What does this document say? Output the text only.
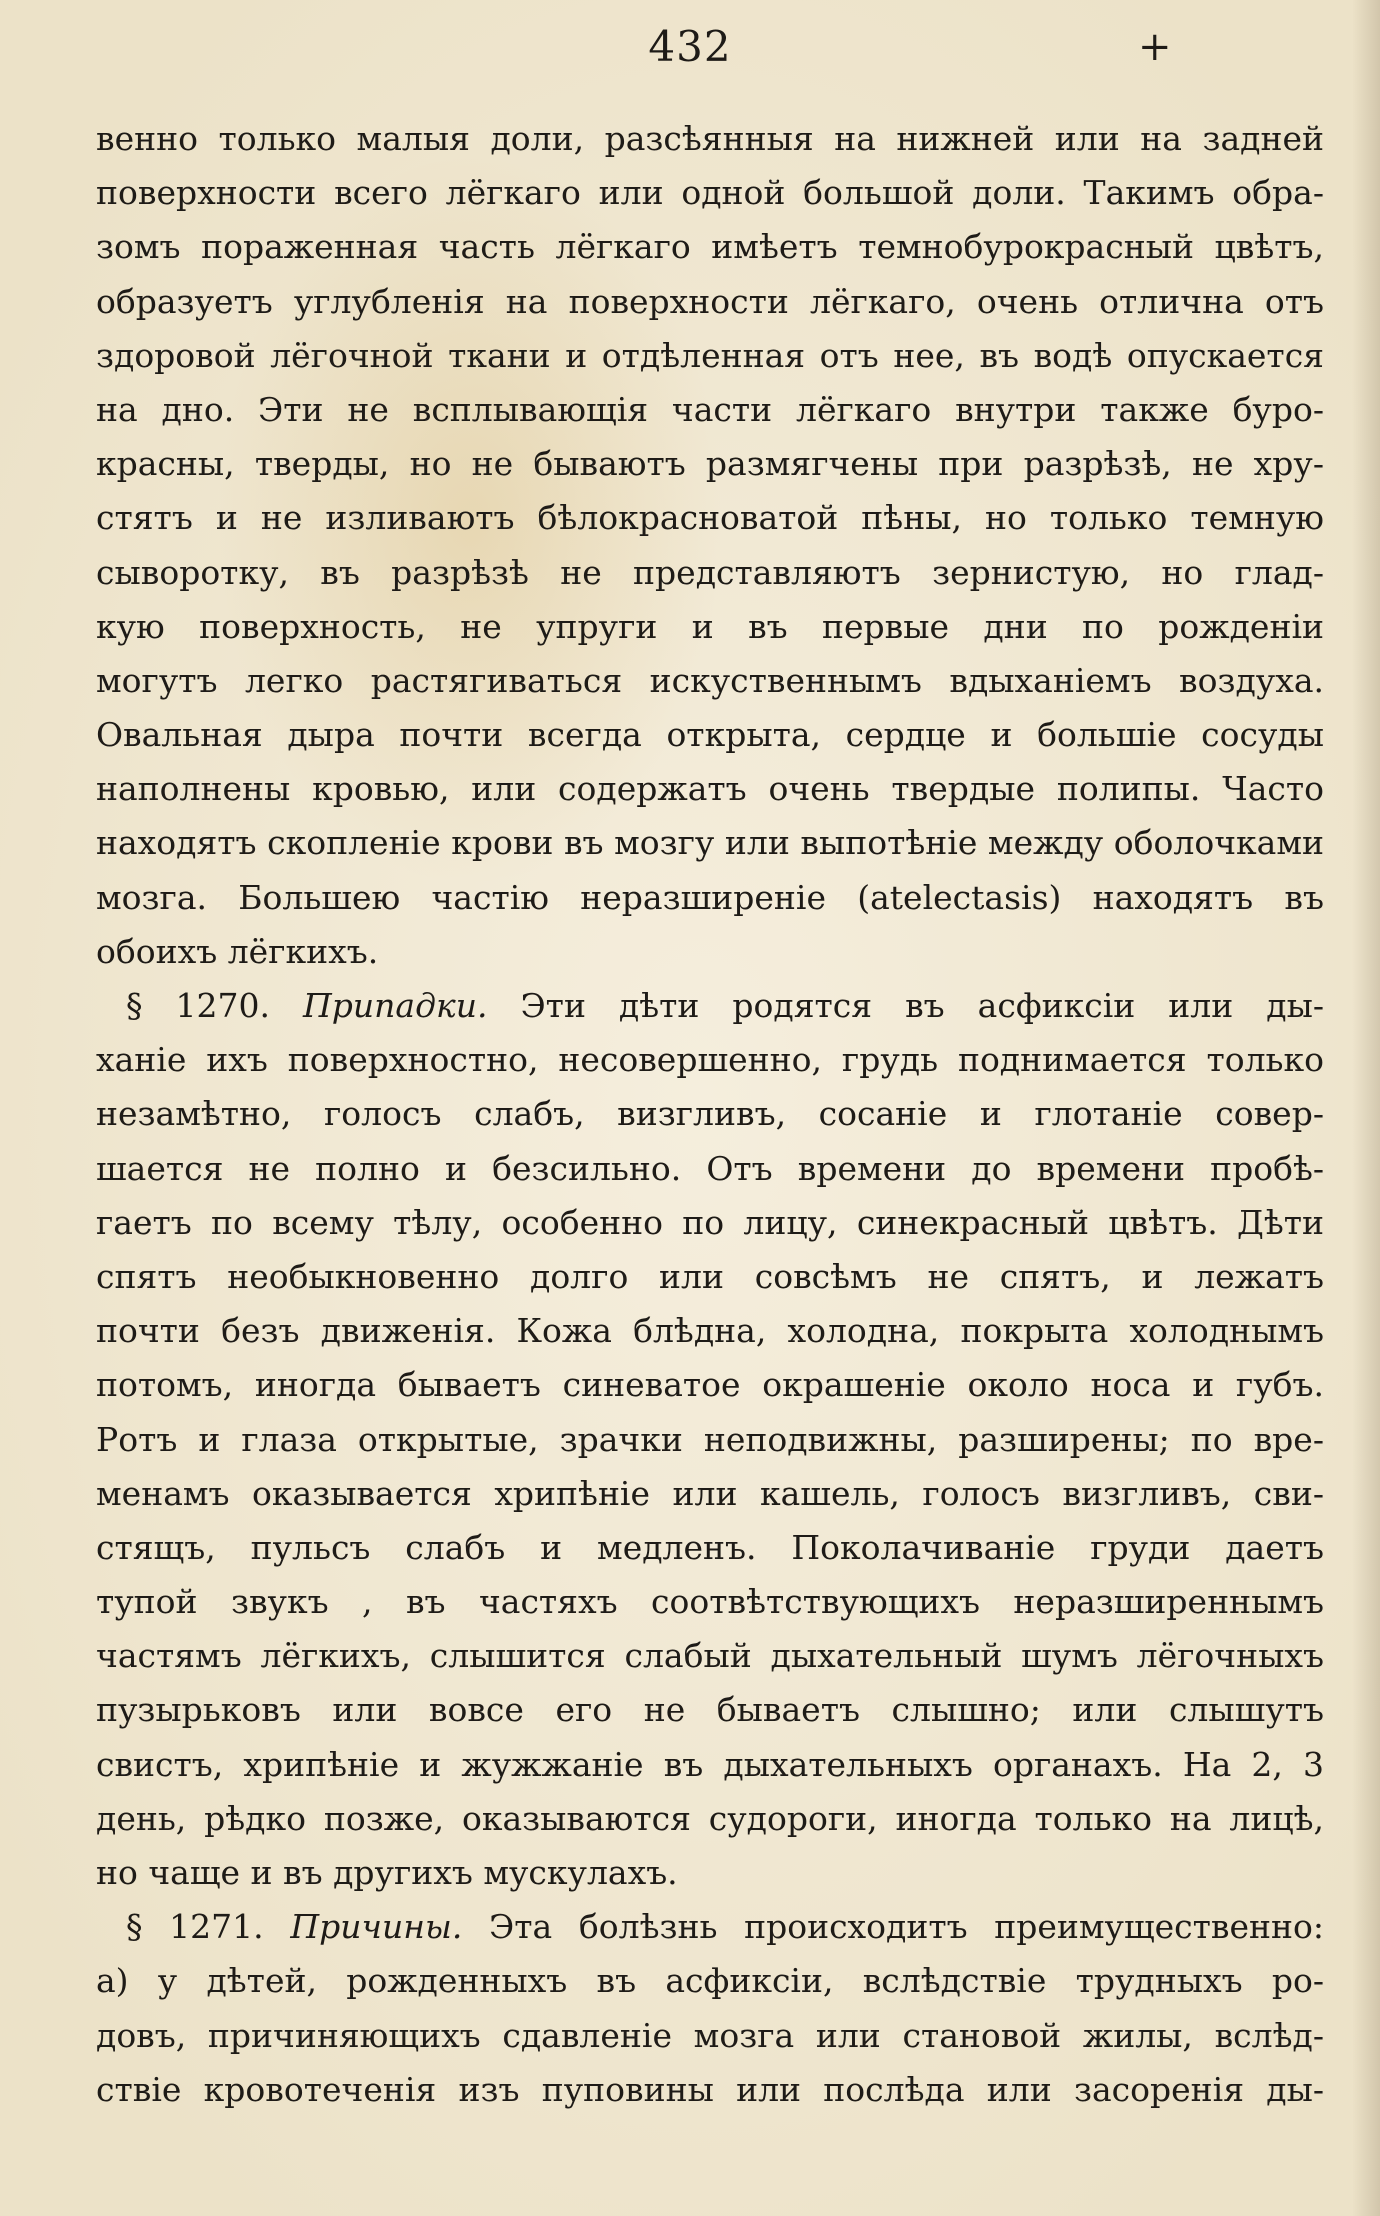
432	+
венно только малыя доли, разсѣянныя на нижней или на задней
поверхности всего лёгкаго или одной большой доли. Такимъ обра-
зомъ пораженная часть лёгкаго имѣетъ темнобурокрасный цвѣтъ,
образуетъ углубленія на поверхности лёгкаго, очень отлична отъ
здоровой лёгочной ткани и отдѣленная отъ нее, въ водѣ опускается
на дно. Эти не всплывающія части лёгкаго внутри также буро-
красны, тверды, но не бываютъ размягчены при разрѣзѣ, не хру-
стятъ и не изливаютъ бѣлокрасноватой пѣны, но только темную
сыворотку, въ разрѣзѣ не представляютъ зернистую, но глад-
кую поверхность, не упруги и въ первые дни по рожденіи
могутъ легко растягиваться искуственнымъ вдыханіемъ воздуха.
Овальная дыра почти всегда открыта, сердце и большіе сосуды
наполнены кровью, или содержатъ очень твердые полипы. Часто
находятъ скопленіе крови въ мозгу или выпотѣніе между оболочками
мозга. Большею частію неразширеніе (atelectasis) находятъ въ
обоихъ лёгкихъ.
§ 1270. Припадки. Эти дѣти родятся въ асфиксіи или ды-
ханіе ихъ поверхностно, несовершенно, грудь поднимается только
незамѣтно, голосъ слабъ, визгливъ, сосаніе и глотаніе совер-
шается не полно и безсильно. Отъ времени до времени пробѣ-
гаетъ по всему тѣлу, особенно по лицу, синекрасный цвѣтъ. Дѣти
спятъ необыкновенно долго или совсѣмъ не спятъ, и лежатъ
почти безъ движенія. Кожа блѣдна, холодна, покрыта холоднымъ
потомъ, иногда бываетъ синеватое окрашеніе около носа и губъ.
Ротъ и глаза открытые, зрачки неподвижны, разширены; по вре-
менамъ оказывается хрипѣніе или кашель, голосъ визгливъ, сви-
стящъ, пульсъ слабъ и медленъ. Поколачиваніе груди даетъ
тупой звукъ , въ частяхъ соотвѣтствующихъ неразширеннымъ
частямъ лёгкихъ, слышится слабый дыхательный шумъ лёгочныхъ
пузырьковъ или вовсе его не бываетъ слышно; или слышутъ
свистъ, хрипѣніе и жужжаніе въ дыхательныхъ органахъ. На 2, 3
день, рѣдко позже, оказываются судороги, иногда только на лицѣ,
но чаще и въ другихъ мускулахъ.
§ 1271. Причины. Эта болѣзнь происходитъ преимущественно:
а) у дѣтей, рожденныхъ въ асфиксіи, вслѣдствіе трудныхъ ро-
довъ, причиняющихъ сдавленіе мозга или становой жилы, вслѣд-
ствіе кровотеченія изъ пуповины или послѣда или засоренія ды-
